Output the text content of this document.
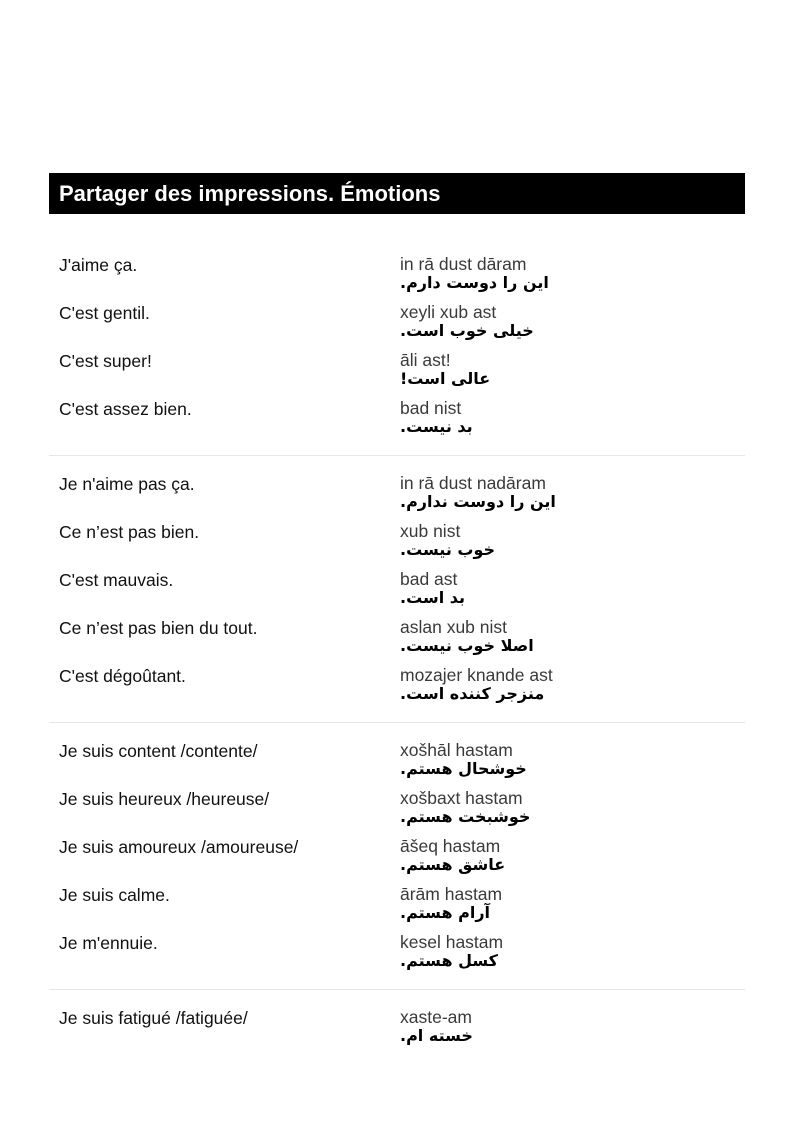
Partager des impressions. Émotions
J'aime ça.	in rā dust dāram
این را دوست دارم.
C'est gentil.	xeyli xub ast
خیلی خوب است.
C'est super!	āli ast!
عالی است!
C'est assez bien.	bad nist
بد نیست.
Je n'aime pas ça.	in rā dust nadāram
این را دوست ندارم.
Ce n’est pas bien.	xub nist
خوب نیست.
C'est mauvais.	bad ast
بد است.
Ce n’est pas bien du tout.	aslan xub nist
اصلا خوب نیست.
C'est dégoûtant.	mozajer knande ast
منزجر کننده است.
Je suis content /contente/	xošhāl hastam
خوشحال هستم.
Je suis heureux /heureuse/	xošbaxt hastam
خوشبخت هستم.
Je suis amoureux /amoureuse/	āšeq hastam
عاشق هستم.
Je suis calme.	ārām hastam
آرام هستم.
Je m'ennuie.	kesel hastam
کسل هستم.
Je suis fatigué /fatiguée/	xaste-am
خسته ام.
